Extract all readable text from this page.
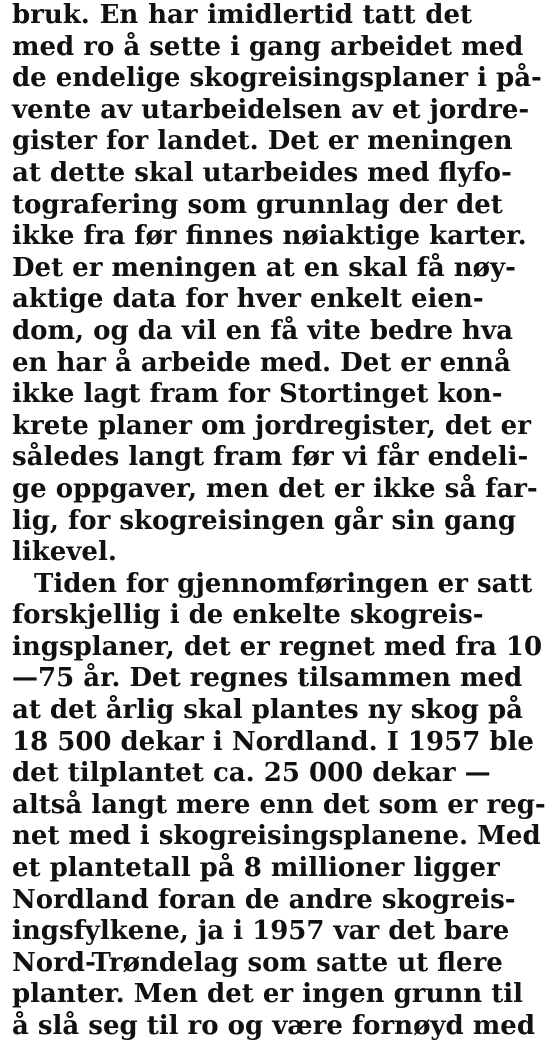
bruk. En har imidlertid tatt det
med ro å sette i gang arbeidet med
de endelige skogreisingsplaner i på-
vente av utarbeidelsen av et jordre-
gister for landet. Det er meningen
at dette skal utarbeides med flyfo-
tografering som grunnlag der det
ikke fra før finnes nøiaktige karter.
Det er meningen at en skal få nøy-
aktige data for hver enkelt eien-
dom, og da vil en få vite bedre hva
en har å arbeide med. Det er ennå
ikke lagt fram for Stortinget kon-
krete planer om jordregister, det er
således langt fram før vi får endeli-
ge oppgaver, men det er ikke så far-
lig, for skogreisingen går sin gang
likevel.
Tiden for gjennomføringen er satt
forskjellig i de enkelte skogreis-
ingsplaner, det er regnet med fra 10
—75 år. Det regnes tilsammen med
at det årlig skal plantes ny skog på
18 500 dekar i Nordland. I 1957 ble
det tilplantet ca. 25 000 dekar —
altså langt mere enn det som er reg-
net med i skogreisingsplanene. Med
et plantetall på 8 millioner ligger
Nordland foran de andre skogreis-
ingsfylkene, ja i 1957 var det bare
Nord-Trøndelag som satte ut flere
planter. Men det er ingen grunn til
å slå seg til ro og være fornøyd med
